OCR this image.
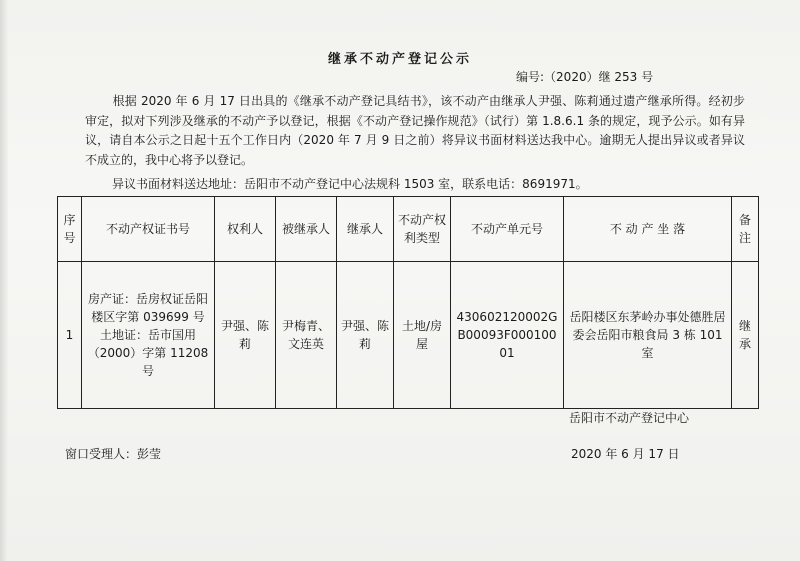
继承不动产登记公示
编号:（2020）继 253 号
根据 2020 年 6 月 17 日出具的《继承不动产登记具结书》，该不动产由继承人尹强、陈莉通过遗产继承所得。经初步审定，拟对下列涉及继承的不动产予以登记，根据《不动产登记操作规范》（试行）第 1.8.6.1 条的规定，现予公示。如有异议，请自本公示之日起十五个工作日内（2020 年 7 月 9 日之前）将异议书面材料送达我中心。逾期无人提出异议或者异议不成立的，我中心将予以登记。
异议书面材料送达地址：岳阳市不动产登记中心法规科 1503 室，联系电话：8691971。
序号	不动产权证书号	权利人	被继承人	继承人	不动产权利类型	不动产单元号	不 动 产 坐 落	备注
1	房产证：岳房权证岳阳楼区字第 039699 号
土地证：岳市国用（2000）字第 11208 号	尹强、陈莉	尹梅青、文连英	尹强、陈莉	土地/房屋	430602120002GB00093F00010001	岳阳楼区东茅岭办事处德胜居委会岳阳市粮食局 3 栋 101 室	继承
岳阳市不动产登记中心
窗口受理人：彭莹	2020 年 6 月 17 日
